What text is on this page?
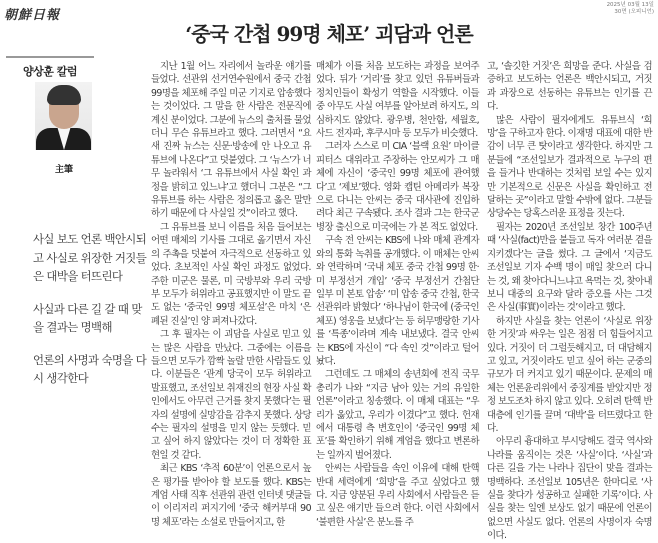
朝鮮日報
2025년 03월 13일
30면 (오피니언)
‘중국 간첩 99명 체포’ 괴담과 언론
양상훈 칼럼
主筆

사실 보도 언론 백안시되고 사실로 위장한 거짓들은 대박을 터뜨린다

사실과 다른 길 갈 때 맞을 결과는 명백해

언론의 사명과 숙명을 다시 생각한다

지난 1월 어느 자리에서 놀라운 얘기를 들었다. 선관위 선거연수원에서 중국 간첩 99명을 체포해 주일 미군 기지로 압송했다는 것이었다. 그 말을 한 사람은 전문직에 계신 분이었다. 그분에 뉴스의 출처를 물었더니 무슨 유튜브라고 했다. 그러면서 “요새 진짜 뉴스는 신문·방송에 안 나오고 유튜브에 나온다”고 덧붙였다. 그 ‘뉴스’가 너무 놀라워서 ‘그 유튜브에서 사실 확인 과정을 밝히고 있느냐’고 했더니 그분은 “그 유튜브를 하는 사람은 정의롭고 옳은 말만 하기 때문에 다 사실일 것”이라고 했다.

그 유튜브를 보니 이름을 처음 들어보는 어떤 매체의 기사를 그대로 옮기면서 자신의 주촉을 덧붙여 자극적으로 선동하고 있었다. 초보적인 사실 확인 과정도 없었다. 주한 미군은 물론, 미 국방부와 우리 국방부 모두가 허위라고 공표했지만 이 말도 끝도 없는 ‘중국인 99명 체포설’은 마치 ‘은폐된 진실’인 양 퍼져나갔다.

그 후 필자는 이 괴담을 사실로 믿고 있는 많은 사람을 만났다. 그중에는 이름을 들으면 모두가 깜짝 놀랄 만한 사람들도 있다. 이분들은 ‘관계 당국이 모두 허위라고 발표했고, 조선일보 취재진의 현장 사실 확인에서도 아무런 근거를 찾지 못했다’는 필자의 설명에 실망감을 감추지 못했다. 상당수는 필자의 설명을 믿지 않는 듯했다. 믿고 싶어 하지 않았다는 것이 더 정확한 표현일 것 같다.

최근 KBS ‘추적 60분’이 언론으로서 높은 평가를 받아야 할 보도를 했다. KBS는 계엄 사태 직후 선관위 관련 인터넷 댓글들이 이리저리 퍼지기에 ‘중국 해커부대 90명 체포’라는 소설로 만들어지고, 한

매체가 이를 처음 보도하는 과정을 보여주었다. 뒤가 ‘거리’를 찾고 있던 유튜버들과 정치인들이 확성기 역할을 시작했다. 이들 중 아무도 사실 여부를 알아보려 하지도, 의심하지도 않았다. 광우병, 천안함, 세월호, 사드 전자파, 후쿠시마 등 모두가 비슷했다.

그러자 스스로 미 CIA ‘블랙 요원’ 마이클 피터스 대위라고 주장하는 안모씨가 그 매체에 자신이 ‘중국인 99명 체포에 관여했다’고 ‘제보’했다. 영화 캡틴 아메리카 복장으로 다니는 안씨는 중국 대사관에 진입하려다 최근 구속됐다. 조사 결과 그는 한국군 병장 출신으로 미국에는 가 본 적도 없었다.

구속 전 안씨는 KBS에 나와 매체 관계자와의 통화 녹취를 공개했다. 이 매체는 안씨와 연락하며 ‘국내 체포 중국 간첩 99명 한·미 부정선거 개입’ ‘중국 부정선거 간첩단 일부 미 본토 압송’ ‘미 압송 중국 간첩, 한국 선관위라 밝혔다’ ‘하나님이 한국에 (중국인 체포) 영웅을 보냈다’는 등 허무맹랑한 기사를 ‘특종’이라며 계속 내보냈다. 결국 안씨는 KBS에 자신이 “다 속인 것”이라고 털어놨다.

그런데도 그 매체의 송년회에 전직 국무총리가 나와 “지금 남아 있는 거의 유일한 언론”이라고 칭송했다. 이 매체 대표는 “우리가 옳았고, 우리가 이겼다”고 했다. 헌재에서 대통령 측 변호인이 ‘중국인 99명 체포’를 확인하기 위해 계엄을 했다고 변론하는 일까지 벌어졌다.

안씨는 사람들을 속인 이유에 대해 탄핵 반대 세력에게 ‘희망’을 주고 싶었다고 했다. 지금 양분된 우리 사회에서 사람들은 듣고 싶은 얘기만 들으려 한다. 이런 사회에서 ‘불편한 사실’은 분노를 주

고, ‘솔깃한 거짓’은 희망을 준다. 사실을 검증하고 보도하는 언론은 백안시되고, 거짓과 과장으로 선동하는 유튜브는 인기를 끈다.

많은 사람이 필자에게도 유튜브식 ‘희망’을 구하고자 한다. 이재명 대표에 대한 반감이 너무 큰 탓이라고 생각한다. 하지만 그분들에 “조선일보가 결과적으로 누구의 편을 들거나 반대하는 것처럼 보일 수는 있지만 기본적으로 신문은 사실을 확인하고 전달하는 곳”이라고 말할 수밖에 없다. 그분들 상당수는 당혹스러운 표정을 짓는다.

필자는 2020년 조선일보 창간 100주년 때 ‘사실(fact)만을 붙들고 독자 여러분 곁을 지키겠다’는 글을 썼다. 그 글에서 ‘지금도 조선일보 기자 수백 명이 매일 찾으러 다니는 것, 왜 찾아다니느냐고 욕먹는 것, 찾아내 보니 대중의 요구와 달라 증오를 사는 그것은 사실(事實)이라는 것’이라고 했다.

하지만 사실을 찾는 언론이 ‘사실로 위장한 거짓’과 싸우는 일은 점점 더 힘들어지고 있다. 거짓이 더 그럴듯해지고, 더 대담해지고 있고, 거짓이라도 믿고 싶어 하는 군중의 규모가 더 커지고 있기 때문이다. 문제의 매체는 언론윤리위에서 중징계를 받았지만 정정 보도조차 하지 않고 있다. 오히려 탄핵 반대층에 인기를 끌며 ‘대박’을 터뜨렸다고 한다.

아무리 흉대하고 부시당해도 결국 역사와 나라를 움직이는 것은 ‘사실’이다. ‘사실’과 다른 길을 가는 나라나 집단이 맞을 결과는 명백하다. 조선일보 105년은 한마디로 ‘사실을 찾다가 성공하고 실패한 기록’이다. 사실을 찾는 일엔 보상도 없기 때문에 언론이 없으면 사실도 없다. 언론의 사명이자 숙명이다.
